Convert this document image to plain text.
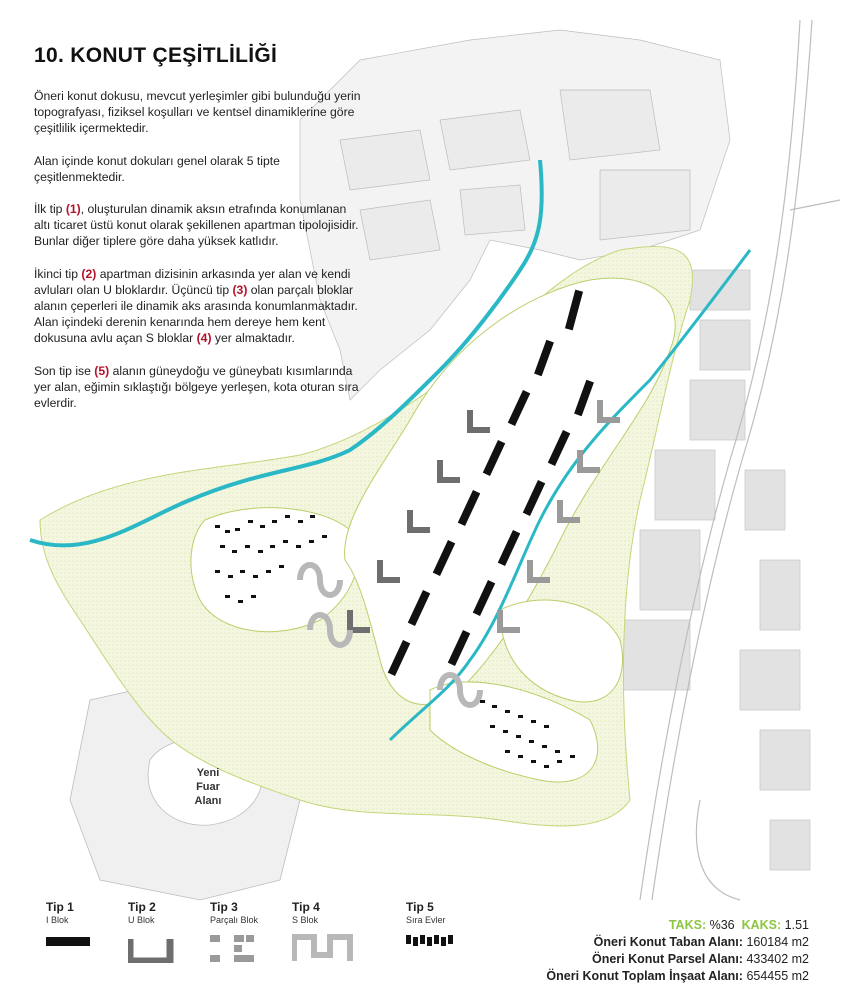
10. KONUT ÇEŞİTLİLİĞİ

Öneri konut dokusu, mevcut yerleşimler gibi bulunduğu yerin topografyası, fiziksel koşulları ve kentsel dinamiklerine göre çeşitlilik içermektedir.

Alan içinde konut dokuları genel olarak 5 tipte çeşitlenmektedir.

İlk tip (1), oluşturulan dinamik aksın etrafında konumlanan altı ticaret üstü konut olarak şekillenen apartman tipolojisidir. Bunlar diğer tiplere göre daha yüksek katlıdır.

İkinci tip (2) apartman dizisinin arkasında yer alan ve kendi avluları olan U bloklardır. Üçüncü tip (3) olan parçalı bloklar alanın çeperleri ile dinamik aks arasında konumlanmaktadır. Alan içindeki derenin kenarında hem dereye hem kent dokusuna avlu açan S bloklar (4) yer almaktadır.

Son tip ise (5) alanın güneydoğu ve güneybatı kısımlarında yer alan, eğimin sıklaştığı bölgeye yerleşen, kota oturan sıra evlerdir.

Yeni
Fuar
Alanı
Tip 1
I Blok
Tip 2
U Blok
Tip 3
Parçalı Blok
Tip 4
S Blok
Tip 5
Sıra Evler	TAKS: %36 KAKS: 1.51
Öneri Konut Taban Alanı: 160184 m2
Öneri Konut Parsel Alanı: 433402 m2
Öneri Konut Toplam İnşaat Alanı: 654455 m2
